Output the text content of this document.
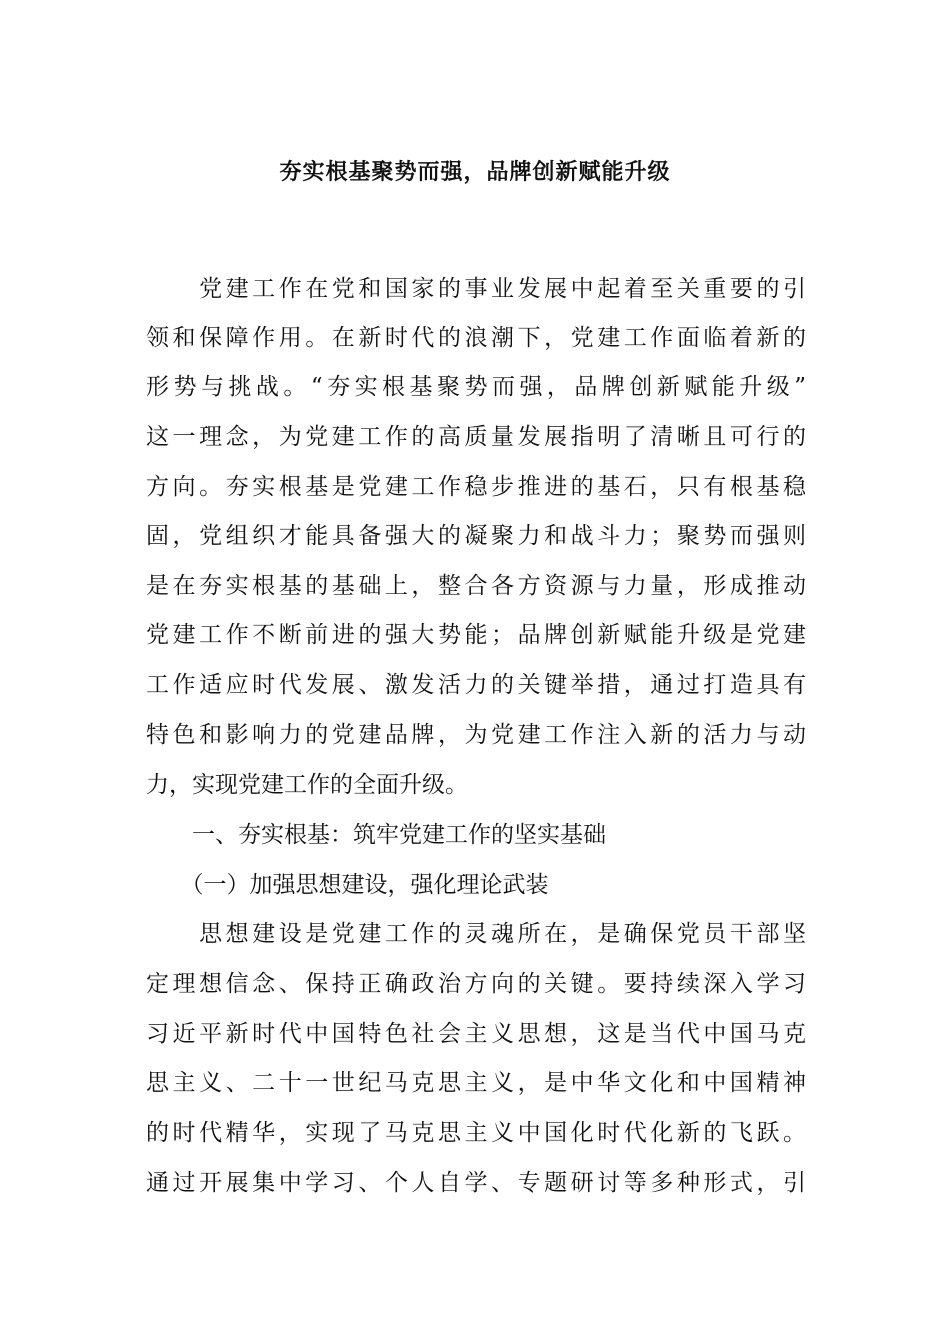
夯实根基聚势而强，品牌创新赋能升级
　　党建工作在党和国家的事业发展中起着至关重要的引
领和保障作用。在新时代的浪潮下，党建工作面临着新的
形势与挑战。“夯实根基聚势而强，品牌创新赋能升级”
这一理念，为党建工作的高质量发展指明了清晰且可行的
方向。夯实根基是党建工作稳步推进的基石，只有根基稳
固，党组织才能具备强大的凝聚力和战斗力；聚势而强则
是在夯实根基的基础上，整合各方资源与力量，形成推动
党建工作不断前进的强大势能；品牌创新赋能升级是党建
工作适应时代发展、激发活力的关键举措，通过打造具有
特色和影响力的党建品牌，为党建工作注入新的活力与动
力，实现党建工作的全面升级。
　　一、夯实根基：筑牢党建工作的坚实基础
　　（一）加强思想建设，强化理论武装
　　思想建设是党建工作的灵魂所在，是确保党员干部坚
定理想信念、保持正确政治方向的关键。要持续深入学习
习近平新时代中国特色社会主义思想，这是当代中国马克
思主义、二十一世纪马克思主义，是中华文化和中国精神
的时代精华，实现了马克思主义中国化时代化新的飞跃。
通过开展集中学习、个人自学、专题研讨等多种形式，引
